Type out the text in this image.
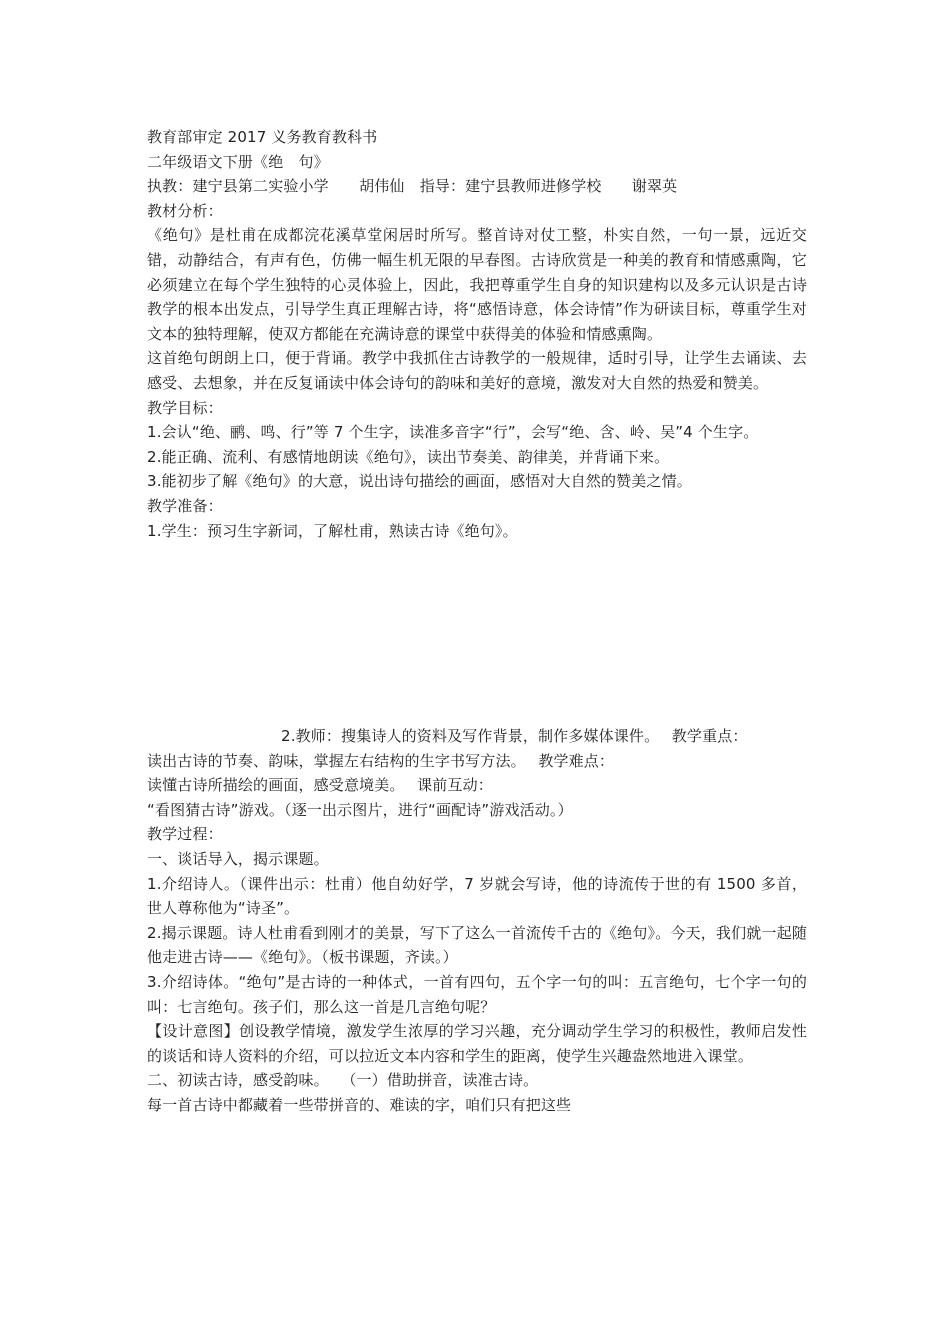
教育部审定 2017 义务教育教科书

二年级语文下册《绝　句》

执教：建宁县第二实验小学　　胡伟仙　指导：建宁县教师进修学校　　谢翠英

教材分析：

《绝句》是杜甫在成都浣花溪草堂闲居时所写。整首诗对仗工整，朴实自然，一句一景，远近交错，动静结合，有声有色，仿佛一幅生机无限的早春图。古诗欣赏是一种美的教育和情感熏陶，它必须建立在每个学生独特的心灵体验上，因此，我把尊重学生自身的知识建构以及多元认识是古诗教学的根本出发点，引导学生真正理解古诗，将“感悟诗意，体会诗情”作为研读目标，尊重学生对文本的独特理解，使双方都能在充满诗意的课堂中获得美的体验和情感熏陶。

这首绝句朗朗上口，便于背诵。教学中我抓住古诗教学的一般规律，适时引导，让学生去诵读、去感受、去想象，并在反复诵读中体会诗句的韵味和美好的意境，激发对大自然的热爱和赞美。

教学目标：

1.会认“绝、鹂、鸣、行”等 7 个生字，读准多音字“行”，会写“绝、含、岭、吴”4 个生字。

2.能正确、流利、有感情地朗读《绝句》，读出节奏美、韵律美，并背诵下来。

3.能初步了解《绝句》的大意，说出诗句描绘的画面，感悟对大自然的赞美之情。

教学准备：

1.学生：预习生字新词，了解杜甫，熟读古诗《绝句》。

2.教师：搜集诗人的资料及写作背景，制作多媒体课件。　 教学重点：

读出古诗的节奏、韵味，掌握左右结构的生字书写方法。　 教学难点：

读懂古诗所描绘的画面，感受意境美。　 课前互动：

“看图猜古诗”游戏。（逐一出示图片，进行“画配诗”游戏活动。）

教学过程：

一、谈话导入，揭示课题。

1.介绍诗人。（课件出示：杜甫）他自幼好学，7 岁就会写诗，他的诗流传于世的有 1500 多首，世人尊称他为“诗圣”。

2.揭示课题。诗人杜甫看到刚才的美景，写下了这么一首流传千古的《绝句》。今天，我们就一起随他走进古诗——《绝句》。（板书课题，齐读。）

3.介绍诗体。“绝句”是古诗的一种体式，一首有四句，五个字一句的叫：五言绝句，七个字一句的叫：七言绝句。孩子们，那么这一首是几言绝句呢？

【设计意图】创设教学情境，激发学生浓厚的学习兴趣，充分调动学生学习的积极性，教师启发性的谈话和诗人资料的介绍，可以拉近文本内容和学生的距离，使学生兴趣盎然地进入课堂。

二、初读古诗，感受韵味。　 （一）借助拼音，读准古诗。

每一首古诗中都藏着一些带拼音的、难读的字，咱们只有把这些
